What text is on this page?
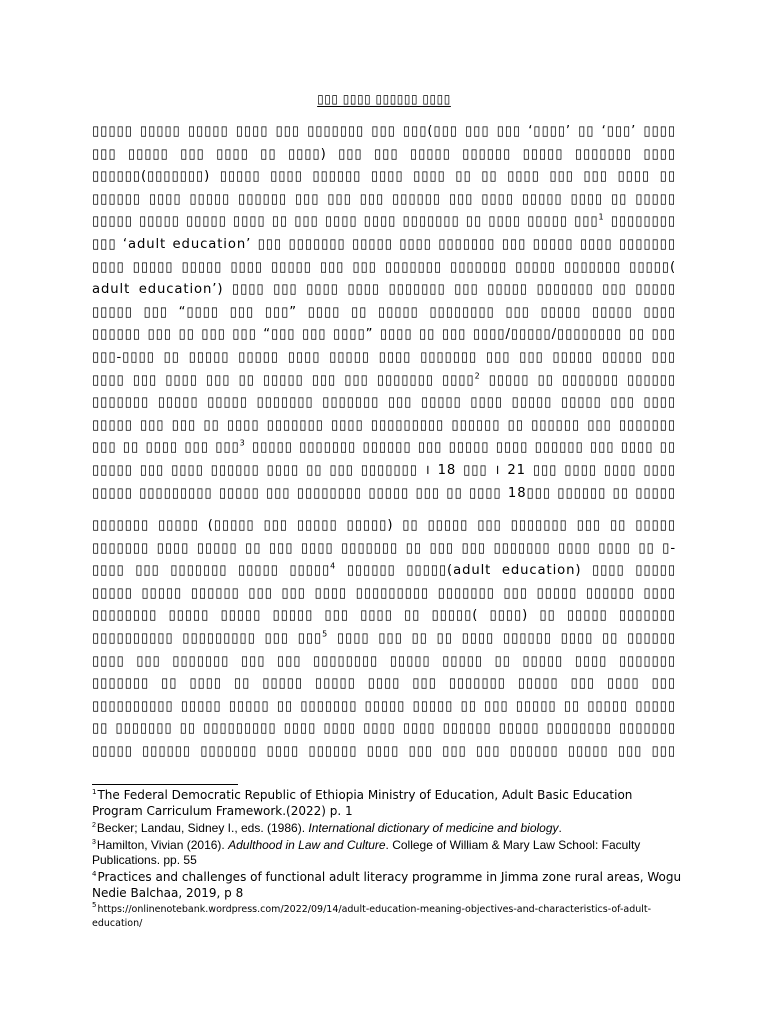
▯▯▯ ▯▯▯▯ ▯▯▯▯▯▯ ▯▯▯▯
▯▯▯▯▯ ▯▯▯▯▯ ▯▯▯▯▯ ▯▯▯▯ ▯▯▯ ▯▯▯▯▯▯▯ ▯▯▯ ▯▯▯(▯▯▯ ▯▯▯ ▯▯▯ ‘▯▯▯▯’ ▯▯ ‘▯▯▯’ ▯▯▯▯ ▯▯▯ ▯▯▯▯▯ ▯▯▯ ▯▯▯▯ ▯▯ ▯▯▯▯) ▯▯▯ ▯▯▯ ▯▯▯▯▯ ▯▯▯▯▯▯ ▯▯▯▯▯ ▯▯▯▯▯▯▯ ▯▯▯▯ ▯▯▯▯▯▯(▯▯▯▯▯▯▯) ▯▯▯▯▯ ▯▯▯▯ ▯▯▯▯▯▯ ▯▯▯▯ ▯▯▯▯ ▯▯ ▯▯ ▯▯▯▯ ▯▯▯ ▯▯▯ ▯▯▯▯ ▯▯ ▯▯▯▯▯▯ ▯▯▯▯ ▯▯▯▯▯ ▯▯▯▯▯▯ ▯▯▯ ▯▯▯ ▯▯▯ ▯▯▯▯▯▯ ▯▯▯ ▯▯▯▯ ▯▯▯▯▯ ▯▯▯▯ ▯▯ ▯▯▯▯▯ ▯▯▯▯▯ ▯▯▯▯▯ ▯▯▯▯▯ ▯▯▯▯ ▯▯ ▯▯▯ ▯▯▯▯ ▯▯▯▯ ▯▯▯▯▯▯▯ ▯▯ ▯▯▯▯ ▯▯▯▯▯ ▯▯▯$^1$ ▯▯▯▯▯▯▯▯ ▯▯▯ ‘adult education’ ▯▯▯ ▯▯▯▯▯▯▯ ▯▯▯▯▯ ▯▯▯▯ ▯▯▯▯▯▯▯ ▯▯▯ ▯▯▯▯▯ ▯▯▯▯ ▯▯▯▯▯▯▯ ▯▯▯▯ ▯▯▯▯▯ ▯▯▯▯▯ ▯▯▯▯ ▯▯▯▯▯ ▯▯▯ ▯▯▯ ▯▯▯▯▯▯▯ ▯▯▯▯▯▯▯ ▯▯▯▯▯ ▯▯▯▯▯▯▯ ▯▯▯▯▯( adult education’) ▯▯▯▯ ▯▯▯ ▯▯▯▯ ▯▯▯▯ ▯▯▯▯▯▯▯ ▯▯▯ ▯▯▯▯▯ ▯▯▯▯▯▯▯ ▯▯▯ ▯▯▯▯▯ ▯▯▯▯▯ ▯▯▯ “▯▯▯▯ ▯▯▯ ▯▯▯” ▯▯▯▯ ▯▯ ▯▯▯▯▯ ▯▯▯▯▯▯▯▯ ▯▯▯ ▯▯▯▯▯ ▯▯▯▯▯ ▯▯▯▯ ▯▯▯▯▯▯ ▯▯▯ ▯▯ ▯▯▯ ▯▯▯ “▯▯▯ ▯▯▯ ▯▯▯▯” ▯▯▯▯ ▯▯ ▯▯▯ ▯▯▯▯/▯▯▯▯▯/▯▯▯▯▯▯▯▯ ▯▯ ▯▯▯ ▯▯▯-▯▯▯▯ ▯▯ ▯▯▯▯▯ ▯▯▯▯▯ ▯▯▯▯ ▯▯▯▯▯ ▯▯▯▯ ▯▯▯▯▯▯▯ ▯▯▯ ▯▯▯ ▯▯▯▯▯ ▯▯▯▯▯ ▯▯▯ ▯▯▯▯ ▯▯▯ ▯▯▯▯ ▯▯▯ ▯▯ ▯▯▯▯▯ ▯▯▯ ▯▯▯ ▯▯▯▯▯▯▯ ▯▯▯▯$^2$ ▯▯▯▯▯ ▯▯ ▯▯▯▯▯▯▯ ▯▯▯▯▯▯ ▯▯▯▯▯▯▯ ▯▯▯▯▯ ▯▯▯▯▯ ▯▯▯▯▯▯▯ ▯▯▯▯▯▯▯ ▯▯▯ ▯▯▯▯▯ ▯▯▯▯ ▯▯▯▯▯ ▯▯▯▯▯ ▯▯▯ ▯▯▯▯ ▯▯▯▯▯ ▯▯▯ ▯▯▯ ▯▯ ▯▯▯▯ ▯▯▯▯▯▯▯ ▯▯▯▯ ▯▯▯▯▯▯▯▯▯ ▯▯▯▯▯▯ ▯▯ ▯▯▯▯▯▯ ▯▯▯ ▯▯▯▯▯▯▯ ▯▯▯ ▯▯ ▯▯▯▯ ▯▯▯ ▯▯▯$^3$ ▯▯▯▯▯ ▯▯▯▯▯▯▯ ▯▯▯▯▯▯ ▯▯▯ ▯▯▯▯▯ ▯▯▯▯ ▯▯▯▯▯▯ ▯▯▯ ▯▯▯▯ ▯▯ ▯▯▯▯▯ ▯▯▯ ▯▯▯▯ ▯▯▯▯▯▯ ▯▯▯▯ ▯▯ ▯▯▯ ▯▯▯▯▯▯▯ । 18 ▯▯▯ । 21 ▯▯▯ ▯▯▯▯ ▯▯▯▯ ▯▯▯▯ ▯▯▯▯▯ ▯▯▯▯▯▯▯▯▯ ▯▯▯▯▯ ▯▯▯ ▯▯▯▯▯▯▯▯ ▯▯▯▯▯ ▯▯▯ ▯▯ ▯▯▯▯ 18▯▯▯ ▯▯▯▯▯▯ ▯▯ ▯▯▯▯▯
▯▯▯▯▯▯▯ ▯▯▯▯▯ (▯▯▯▯▯ ▯▯▯ ▯▯▯▯▯ ▯▯▯▯▯) ▯▯ ▯▯▯▯▯ ▯▯▯ ▯▯▯▯▯▯▯ ▯▯▯ ▯▯ ▯▯▯▯▯ ▯▯▯▯▯▯▯ ▯▯▯▯ ▯▯▯▯▯ ▯▯ ▯▯▯ ▯▯▯▯ ▯▯▯▯▯▯▯ ▯▯ ▯▯▯ ▯▯▯ ▯▯▯▯▯▯▯ ▯▯▯▯ ▯▯▯▯ ▯▯ ▯-▯▯▯▯ ▯▯▯ ▯▯▯▯▯▯▯ ▯▯▯▯▯ ▯▯▯▯▯$^4$ ▯▯▯▯▯▯ ▯▯▯▯▯(adult education) ▯▯▯▯ ▯▯▯▯▯ ▯▯▯▯▯ ▯▯▯▯▯ ▯▯▯▯▯▯ ▯▯▯ ▯▯▯ ▯▯▯▯ ▯▯▯▯▯▯▯▯▯ ▯▯▯▯▯▯▯ ▯▯▯ ▯▯▯▯▯ ▯▯▯▯▯▯ ▯▯▯▯ ▯▯▯▯▯▯▯▯ ▯▯▯▯▯ ▯▯▯▯▯ ▯▯▯▯▯ ▯▯▯ ▯▯▯▯ ▯▯ ▯▯▯▯▯( ▯▯▯▯) ▯▯ ▯▯▯▯▯ ▯▯▯▯▯▯▯ ▯▯▯▯▯▯▯▯▯▯ ▯▯▯▯▯▯▯▯▯ ▯▯▯ ▯▯▯$^5$ ▯▯▯▯ ▯▯▯ ▯▯ ▯▯ ▯▯▯▯ ▯▯▯▯▯▯ ▯▯▯▯ ▯▯ ▯▯▯▯▯▯ ▯▯▯▯ ▯▯▯ ▯▯▯▯▯▯▯ ▯▯▯ ▯▯▯ ▯▯▯▯▯▯▯▯ ▯▯▯▯▯ ▯▯▯▯▯ ▯▯ ▯▯▯▯▯ ▯▯▯▯ ▯▯▯▯▯▯▯ ▯▯▯▯▯▯▯ ▯▯ ▯▯▯▯ ▯▯ ▯▯▯▯▯ ▯▯▯▯▯ ▯▯▯▯ ▯▯▯ ▯▯▯▯▯▯▯ ▯▯▯▯▯ ▯▯▯ ▯▯▯▯ ▯▯▯ ▯▯▯▯▯▯▯▯▯▯ ▯▯▯▯▯ ▯▯▯▯▯ ▯▯ ▯▯▯▯▯▯▯ ▯▯▯▯▯ ▯▯▯▯▯ ▯▯ ▯▯▯ ▯▯▯▯▯ ▯▯ ▯▯▯▯▯ ▯▯▯▯▯ ▯▯ ▯▯▯▯▯▯▯ ▯▯ ▯▯▯▯▯▯▯▯▯ ▯▯▯▯ ▯▯▯▯ ▯▯▯▯ ▯▯▯▯ ▯▯▯▯▯▯ ▯▯▯▯▯ ▯▯▯▯▯▯▯▯ ▯▯▯▯▯▯▯ ▯▯▯▯▯ ▯▯▯▯▯▯ ▯▯▯▯▯▯▯ ▯▯▯▯ ▯▯▯▯▯▯ ▯▯▯▯ ▯▯▯ ▯▯▯ ▯▯▯ ▯▯▯▯▯▯ ▯▯▯▯▯ ▯▯▯ ▯▯▯

$^1$The Federal Democratic Republic of Ethiopia Ministry of Education, Adult Basic Education Program Carriculum Framework.(2022) p. 1

$^2$Becker; Landau, Sidney I., eds. (1986). International dictionary of medicine and biology.

$^3$Hamilton, Vivian (2016). Adulthood in Law and Culture. College of William & Mary Law School: Faculty Publications. pp. 55

$^4$Practices and challenges of functional adult literacy programme in Jimma zone rural areas, Wogu Nedie Balchaa, 2019, p 8

$^5$https://onlinenotebank.wordpress.com/2022/09/14/adult-education-meaning-objectives-and-characteristics-of-adult-education/
